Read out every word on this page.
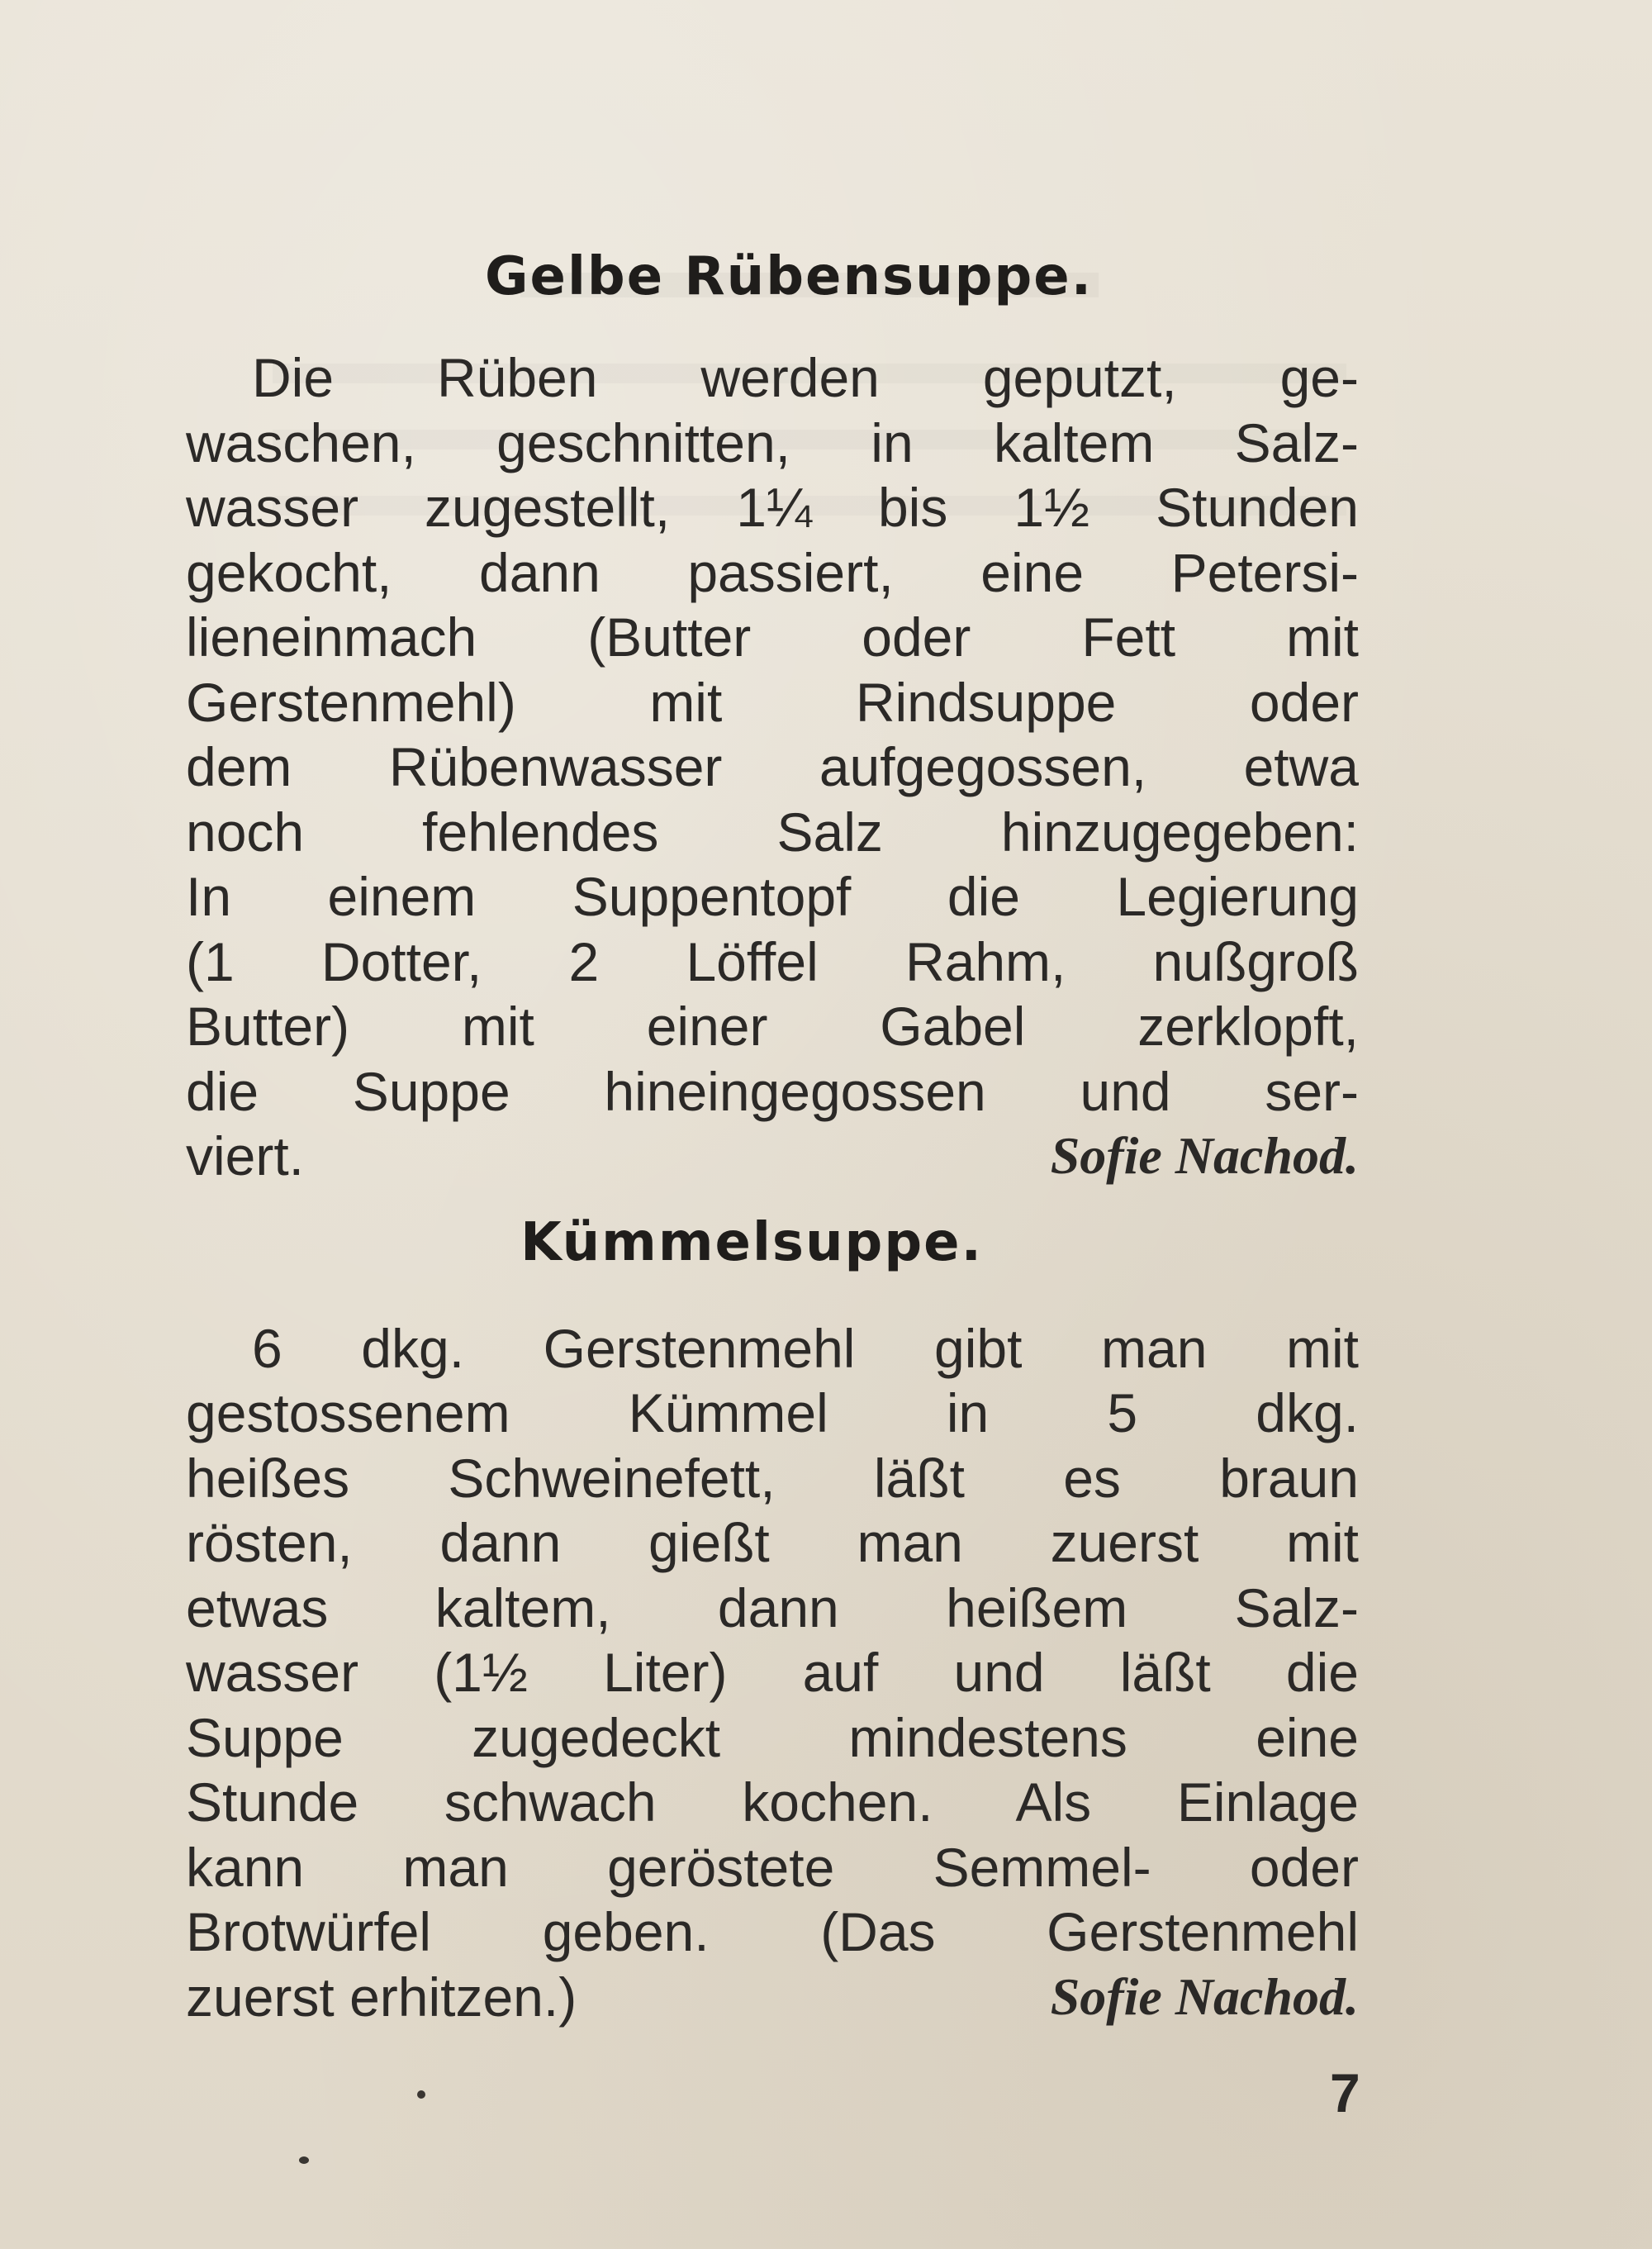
Gelbe Rübensuppe.
Die Rüben werden geputzt, ge-
waschen, geschnitten, in kaltem Salz-
wasser zugestellt, 1¼ bis 1½ Stunden
gekocht, dann passiert, eine Petersi-
lieneinmach (Butter oder Fett mit
Gerstenmehl) mit Rindsuppe oder
dem Rübenwasser aufgegossen, etwa
noch fehlendes Salz hinzugegeben:
In einem Suppentopf die Legierung
(1 Dotter, 2 Löffel Rahm, nußgroß
Butter) mit einer Gabel zerklopft,
die Suppe hineingegossen und ser-
viert.	Sofie Nachod.
Kümmelsuppe.
6 dkg. Gerstenmehl gibt man mit
gestossenem Kümmel in 5 dkg.
heißes Schweinefett, läßt es braun
rösten, dann gießt man zuerst mit
etwas kaltem, dann heißem Salz-
wasser (1½ Liter) auf und läßt die
Suppe zugedeckt mindestens eine
Stunde schwach kochen. Als Einlage
kann man geröstete Semmel- oder
Brotwürfel geben. (Das Gerstenmehl
zuerst erhitzen.)	Sofie Nachod.
7
